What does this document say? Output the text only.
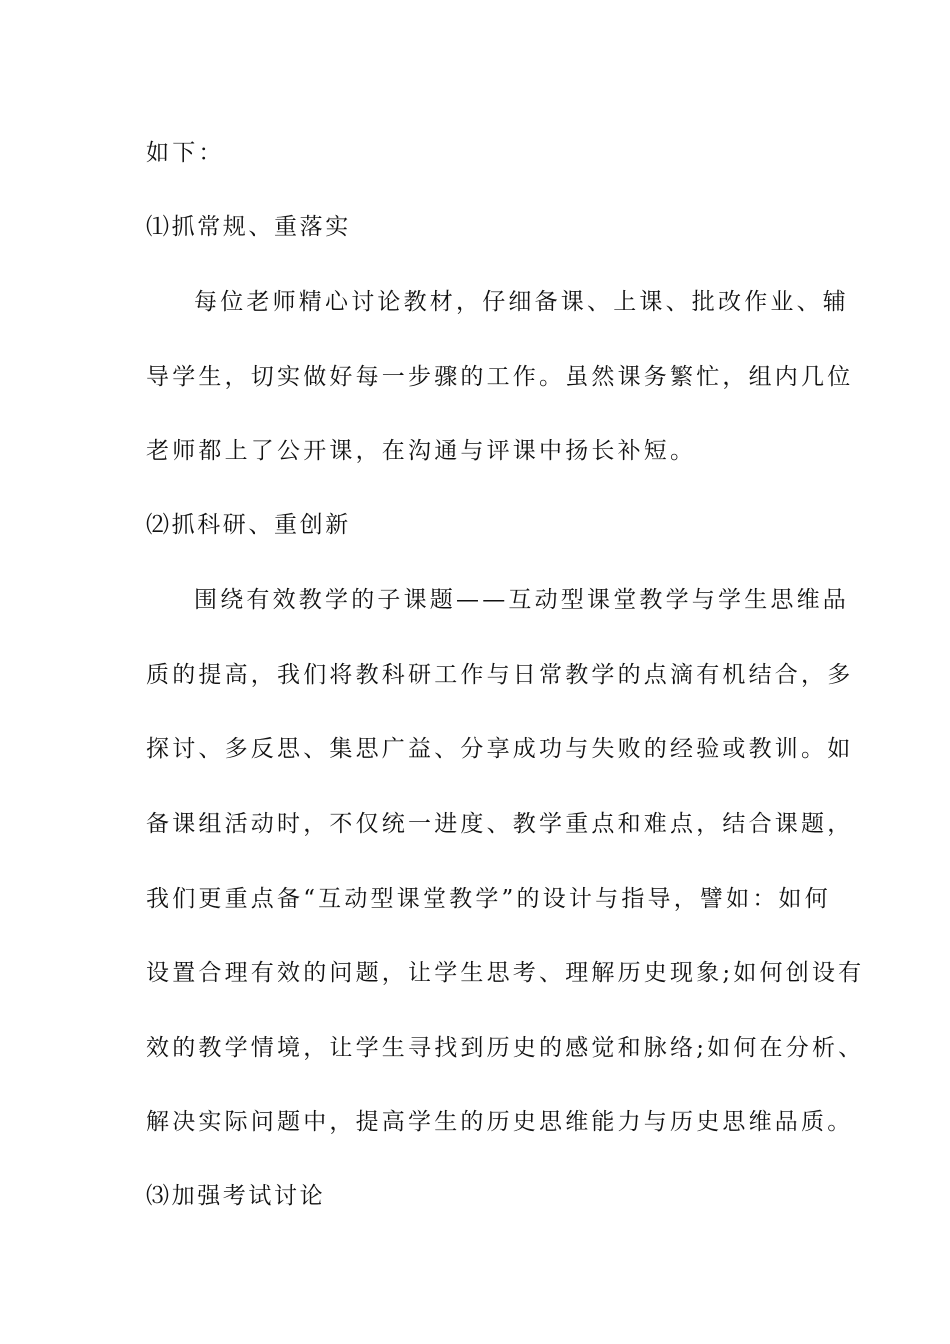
如下：
⑴抓常规、重落实
每位老师精心讨论教材，仔细备课、上课、批改作业、辅
导学生，切实做好每一步骤的工作。虽然课务繁忙，组内几位
老师都上了公开课，在沟通与评课中扬长补短。
⑵抓科研、重创新
围绕有效教学的子课题——互动型课堂教学与学生思维品
质的提高，我们将教科研工作与日常教学的点滴有机结合，多
探讨、多反思、集思广益、分享成功与失败的经验或教训。如
备课组活动时，不仅统一进度、教学重点和难点，结合课题，
我们更重点备“互动型课堂教学”的设计与指导，譬如：如何
设置合理有效的问题，让学生思考、理解历史现象;如何创设有
效的教学情境，让学生寻找到历史的感觉和脉络;如何在分析、
解决实际问题中，提高学生的历史思维能力与历史思维品质。
⑶加强考试讨论
